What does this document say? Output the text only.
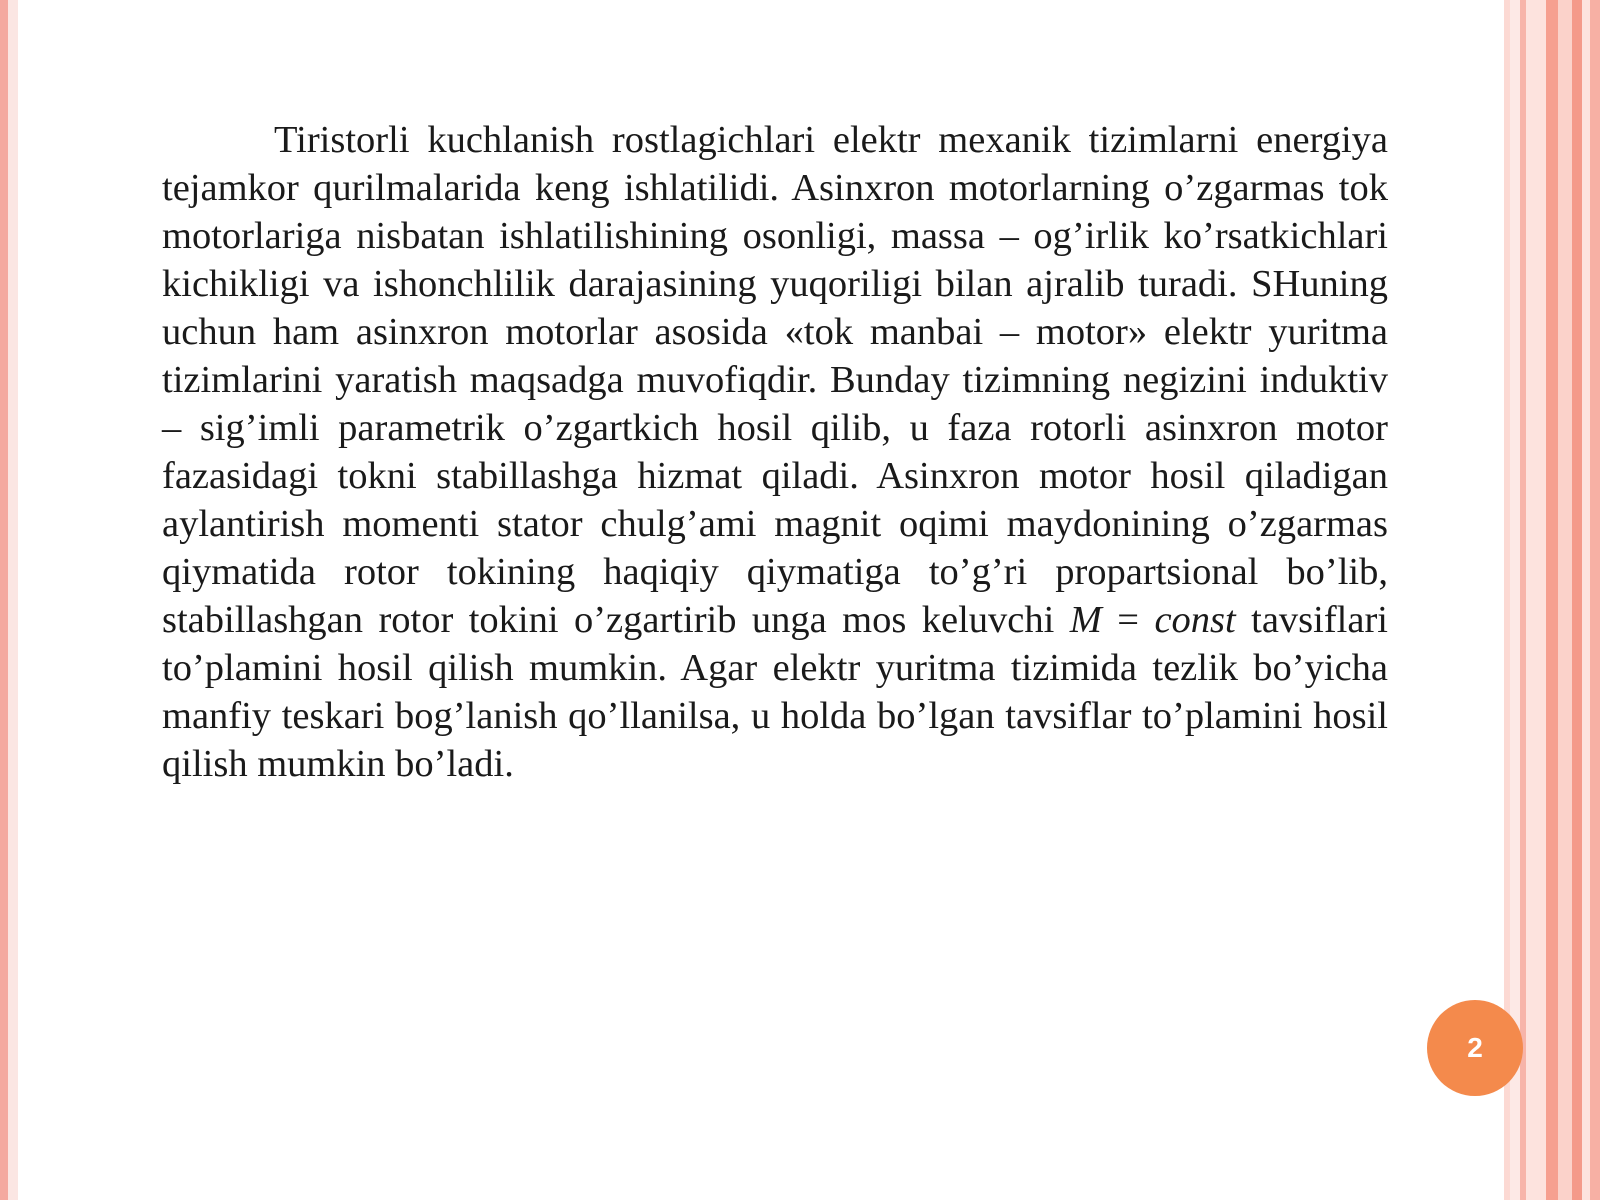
Tiristorli kuchlanish rostlagichlari elektr mexanik tizimlarni energiya tejamkor qurilmalarida keng ishlatilidi. Asinxron motorlarning o’zgarmas tok motorlariga nisbatan ishlatilishining osonligi, massa – og’irlik ko’rsatkichlari kichikligi va ishonchlilik darajasining yuqoriligi bilan ajralib turadi. SHuning uchun ham asinxron motorlar asosida «tok manbai – motor» elektr yuritma tizimlarini yaratish maqsadga muvofiqdir. Bunday tizimning negizini induktiv – sig’imli parametrik o’zgartkich hosil qilib, u faza rotorli asinxron motor fazasidagi tokni stabillashga hizmat qiladi. Asinxron motor hosil qiladigan aylantirish momenti stator chulg’ami magnit oqimi maydonining o’zgarmas qiymatida rotor tokining haqiqiy qiymatiga to’g’ri propartsional bo’lib, stabillashgan rotor tokini o’zgartirib unga mos keluvchi M = const tavsiflari to’plamini hosil qilish mumkin. Agar elektr yuritma tizimida tezlik bo’yicha manfiy teskari bog’lanish qo’llanilsa, u holda bo’lgan tavsiflar to’plamini hosil qilish mumkin bo’ladi.

2
